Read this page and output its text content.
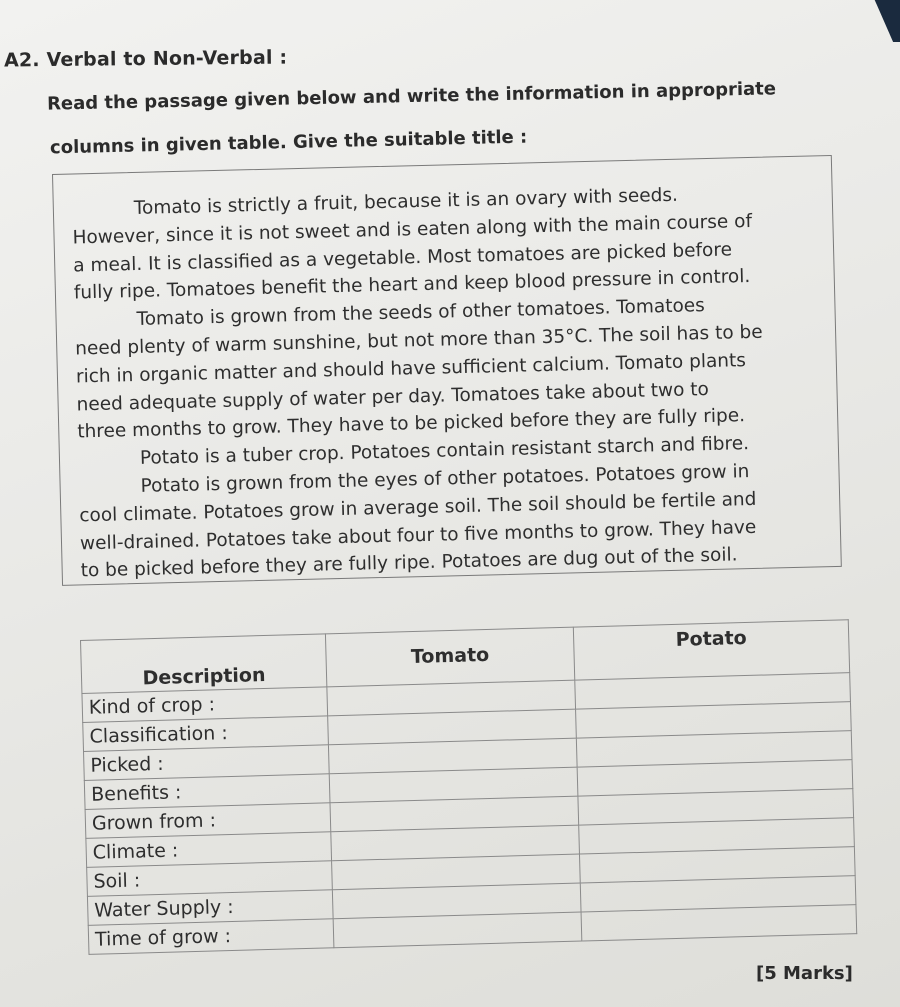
A2. Verbal to Non-Verbal :
Read the passage given below and write the information in appropriate
columns in given table. Give the suitable title :
Tomato is strictly a fruit, because it is an ovary with seeds.
However, since it is not sweet and is eaten along with the main course of
a meal. It is classified as a vegetable. Most tomatoes are picked before
fully ripe. Tomatoes benefit the heart and keep blood pressure in control.
Tomato is grown from the seeds of other tomatoes. Tomatoes
need plenty of warm sunshine, but not more than 35°C. The soil has to be
rich in organic matter and should have sufficient calcium. Tomato plants
need adequate supply of water per day. Tomatoes take about two to
three months to grow. They have to be picked before they are fully ripe.
Potato is a tuber crop. Potatoes contain resistant starch and fibre.
Potato is grown from the eyes of other potatoes. Potatoes grow in
cool climate. Potatoes grow in average soil. The soil should be fertile and
well-drained. Potatoes take about four to five months to grow. They have
to be picked before they are fully ripe. Potatoes are dug out of the soil.
Description	Tomato	Potato
Kind of crop :		
Classification :		
Picked :		
Benefits :		
Grown from :		
Climate :		
Soil :		
Water Supply :		
Time of grow :		
[5 Marks]
